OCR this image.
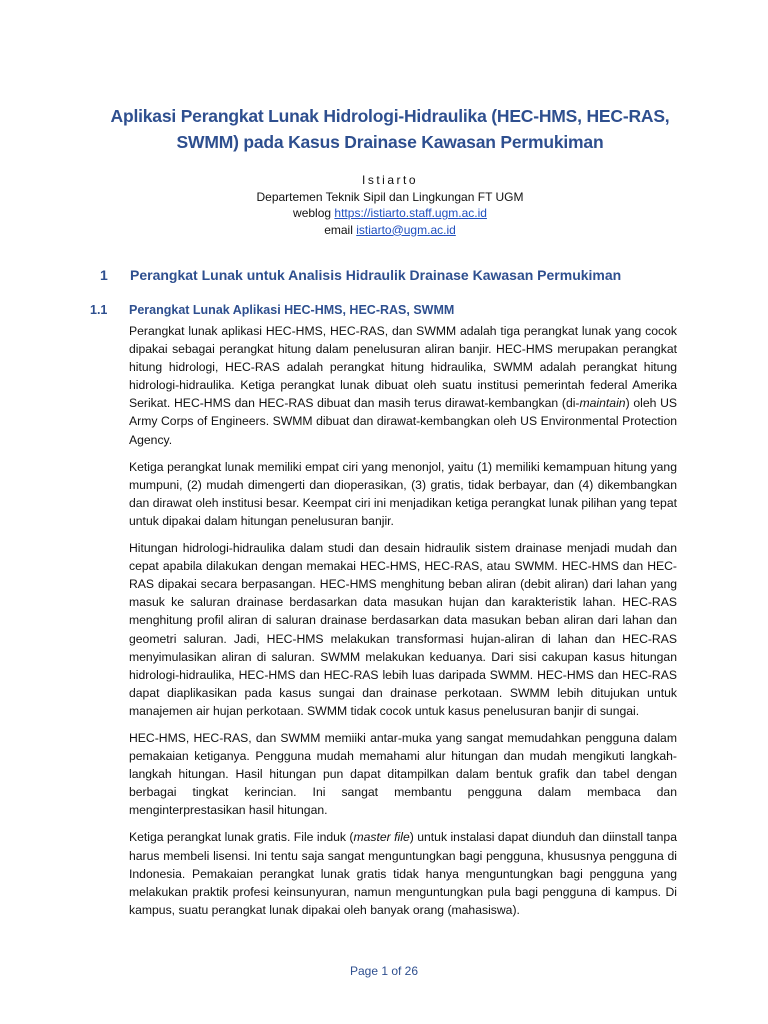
Aplikasi Perangkat Lunak Hidrologi-Hidraulika (HEC-HMS, HEC-RAS,
SWMM) pada Kasus Drainase Kawasan Permukiman
Istiarto
Departemen Teknik Sipil dan Lingkungan FT UGM
weblog https://istiarto.staff.ugm.ac.id
email istiarto@ugm.ac.id
1 Perangkat Lunak untuk Analisis Hidraulik Drainase Kawasan Permukiman
1.1 Perangkat Lunak Aplikasi HEC-HMS, HEC-RAS, SWMM

Perangkat lunak aplikasi HEC-HMS, HEC-RAS, dan SWMM adalah tiga perangkat lunak yang cocok dipakai sebagai perangkat hitung dalam penelusuran aliran banjir. HEC-HMS merupakan perangkat hitung hidrologi, HEC-RAS adalah perangkat hitung hidraulika, SWMM adalah perangkat hitung hidrologi-hidraulika. Ketiga perangkat lunak dibuat oleh suatu institusi pemerintah federal Amerika Serikat. HEC-HMS dan HEC-RAS dibuat dan masih terus dirawat-kembangkan (di-maintain) oleh US Army Corps of Engineers. SWMM dibuat dan dirawat-kembangkan oleh US Environmental Protection Agency.

Ketiga perangkat lunak memiliki empat ciri yang menonjol, yaitu (1) memiliki kemampuan hitung yang mumpuni, (2) mudah dimengerti dan dioperasikan, (3) gratis, tidak berbayar, dan (4) dikembangkan dan dirawat oleh institusi besar. Keempat ciri ini menjadikan ketiga perangkat lunak pilihan yang tepat untuk dipakai dalam hitungan penelusuran banjir.

Hitungan hidrologi-hidraulika dalam studi dan desain hidraulik sistem drainase menjadi mudah dan cepat apabila dilakukan dengan memakai HEC-HMS, HEC-RAS, atau SWMM. HEC-HMS dan HEC-RAS dipakai secara berpasangan. HEC-HMS menghitung beban aliran (debit aliran) dari lahan yang masuk ke saluran drainase berdasarkan data masukan hujan dan karakteristik lahan. HEC-RAS menghitung profil aliran di saluran drainase berdasarkan data masukan beban aliran dari lahan dan geometri saluran. Jadi, HEC-HMS melakukan transformasi hujan-aliran di lahan dan HEC-RAS menyimulasikan aliran di saluran. SWMM melakukan keduanya. Dari sisi cakupan kasus hitungan hidrologi-hidraulika, HEC-HMS dan HEC-RAS lebih luas daripada SWMM. HEC-HMS dan HEC-RAS dapat diaplikasikan pada kasus sungai dan drainase perkotaan. SWMM lebih ditujukan untuk manajemen air hujan perkotaan. SWMM tidak cocok untuk kasus penelusuran banjir di sungai.

HEC-HMS, HEC-RAS, dan SWMM memiiki antar-muka yang sangat memudahkan pengguna dalam pemakaian ketiganya. Pengguna mudah memahami alur hitungan dan mudah mengikuti langkah-langkah hitungan. Hasil hitungan pun dapat ditampilkan dalam bentuk grafik dan tabel dengan berbagai tingkat kerincian. Ini sangat membantu pengguna dalam membaca dan menginterprestasikan hasil hitungan.

Ketiga perangkat lunak gratis. File induk (master file) untuk instalasi dapat diunduh dan diinstall tanpa harus membeli lisensi. Ini tentu saja sangat menguntungkan bagi pengguna, khususnya pengguna di Indonesia. Pemakaian perangkat lunak gratis tidak hanya menguntungkan bagi pengguna yang melakukan praktik profesi keinsunyuran, namun menguntungkan pula bagi pengguna di kampus. Di kampus, suatu perangkat lunak dipakai oleh banyak orang (mahasiswa).

Page 1 of 26
